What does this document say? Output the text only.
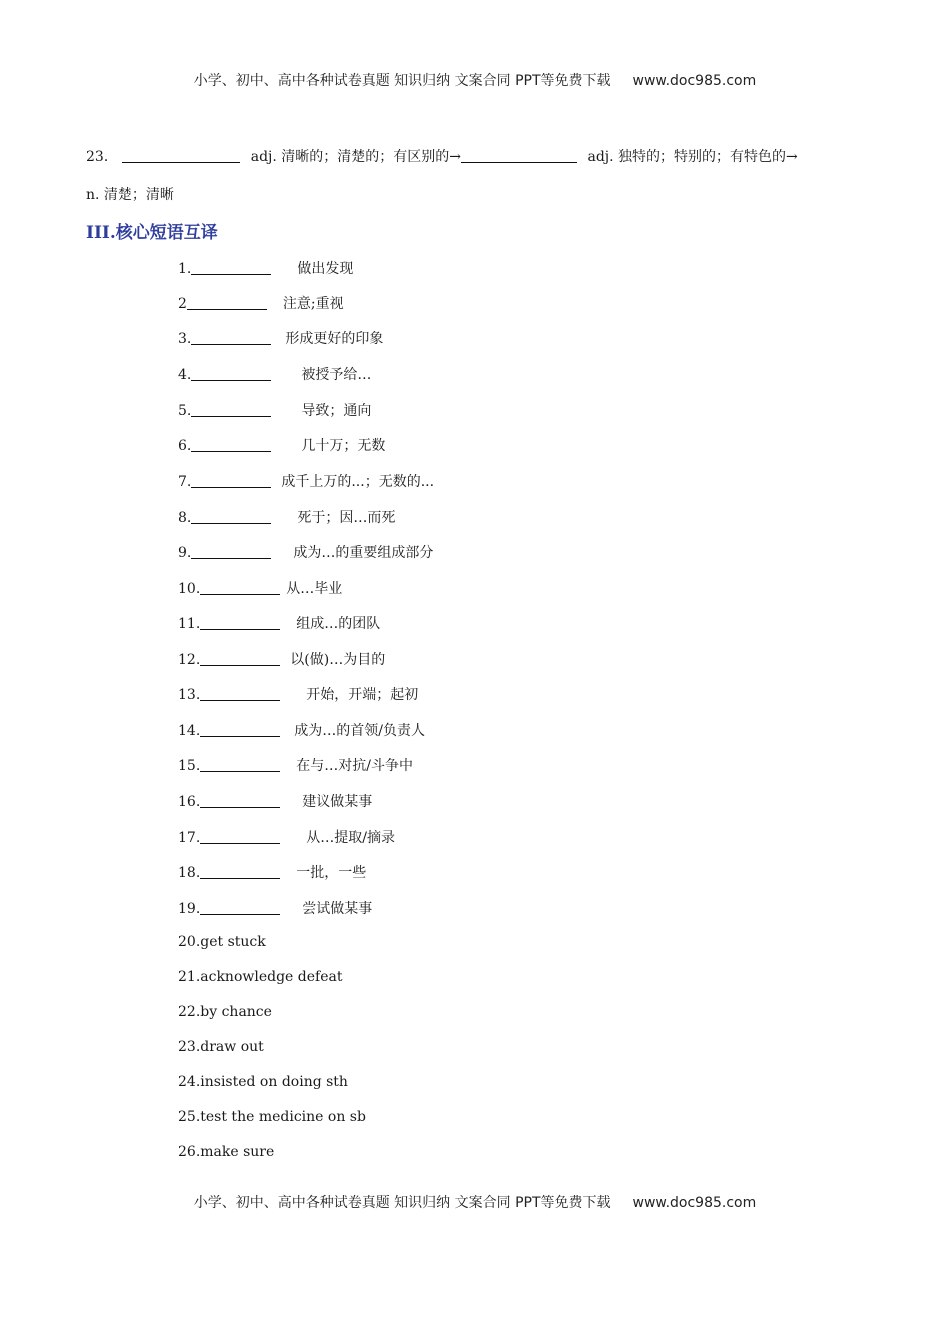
小学、初中、高中各种试卷真题 知识归纳 文案合同 PPT等免费下载 www.doc985.com
23．	adj. 清晰的；清楚的；有区别的→	adj. 独特的；特别的；有特色的→
n. 清楚；清晰
III.核心短语互译
1.	做出发现
2	注意;重视
3.	形成更好的印象
4.	被授予给…
5.	导致；通向
6.	几十万；无数
7.	成千上万的...；无数的...
8.	死于；因…而死
9.	成为…的重要组成部分
10.	从…毕业
11.	组成…的团队
12.	以(做)…为目的
13.	开始，开端；起初
14.	成为…的首领/负责人
15.	在与…对抗/斗争中
16.	建议做某事
17.	从…提取/摘录
18.	一批，一些
19.	尝试做某事
20.get stuck
21.acknowledge defeat
22.by chance
23.draw out
24.insisted on doing sth
25.test the medicine on sb
26.make sure
小学、初中、高中各种试卷真题 知识归纳 文案合同 PPT等免费下载 www.doc985.com
